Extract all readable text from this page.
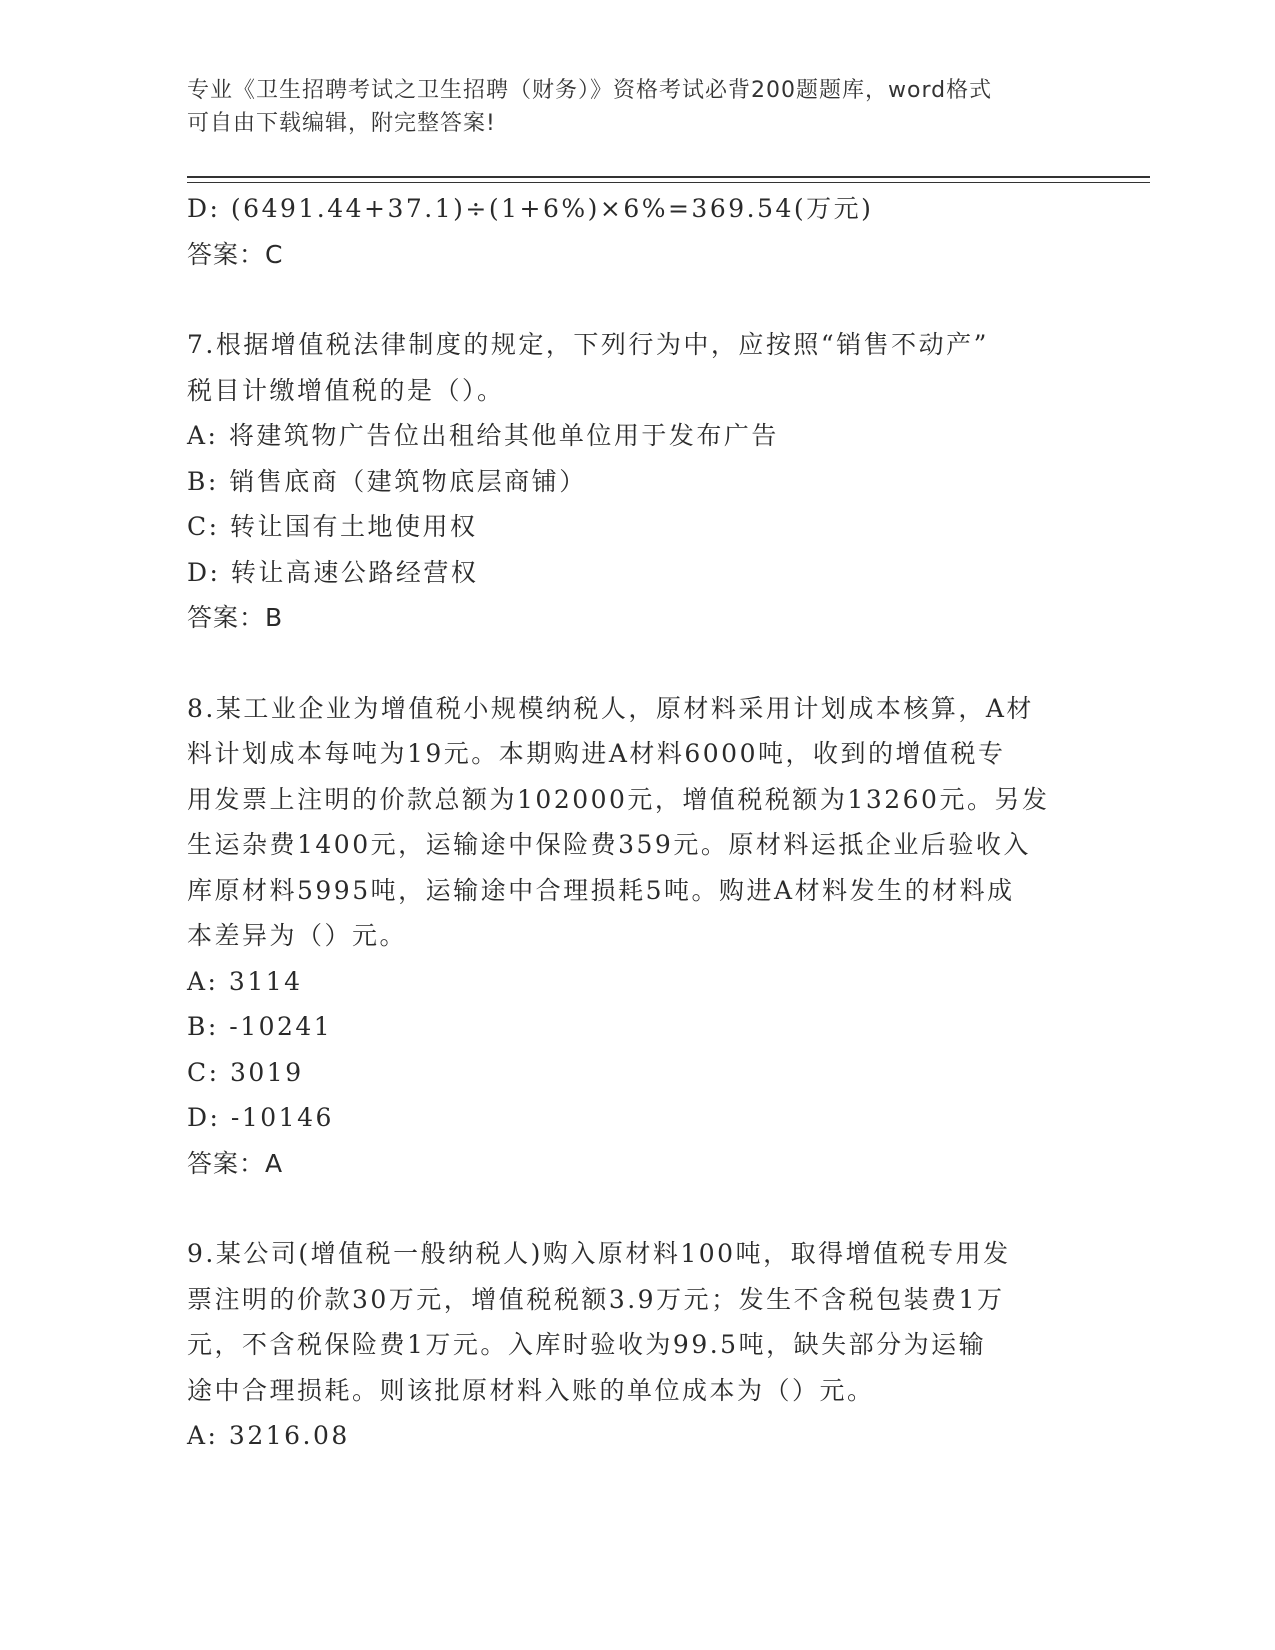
专业《卫生招聘考试之卫生招聘（财务）》资格考试必背200题题库，word格式
可自由下载编辑，附完整答案!
D: (6491.44+37.1)÷(1+6%)×6%=369.54(万元)
答案：C
7.根据增值税法律制度的规定，下列行为中，应按照“销售不动产”
税目计缴增值税的是（）。
A: 将建筑物广告位出租给其他单位用于发布广告
B: 销售底商（建筑物底层商铺）
C: 转让国有土地使用权
D: 转让高速公路经营权
答案：B
8.某工业企业为增值税小规模纳税人，原材料采用计划成本核算，A材
料计划成本每吨为19元。本期购进A材料6000吨，收到的增值税专
用发票上注明的价款总额为102000元，增值税税额为13260元。另发
生运杂费1400元，运输途中保险费359元。原材料运抵企业后验收入
库原材料5995吨，运输途中合理损耗5吨。购进A材料发生的材料成
本差异为（）元。
A: 3114
B: -10241
C: 3019
D: -10146
答案：A
9.某公司(增值税一般纳税人)购入原材料100吨，取得增值税专用发
票注明的价款30万元，增值税税额3.9万元；发生不含税包装费1万
元，不含税保险费1万元。入库时验收为99.5吨，缺失部分为运输
途中合理损耗。则该批原材料入账的单位成本为（）元。
A: 3216.08
